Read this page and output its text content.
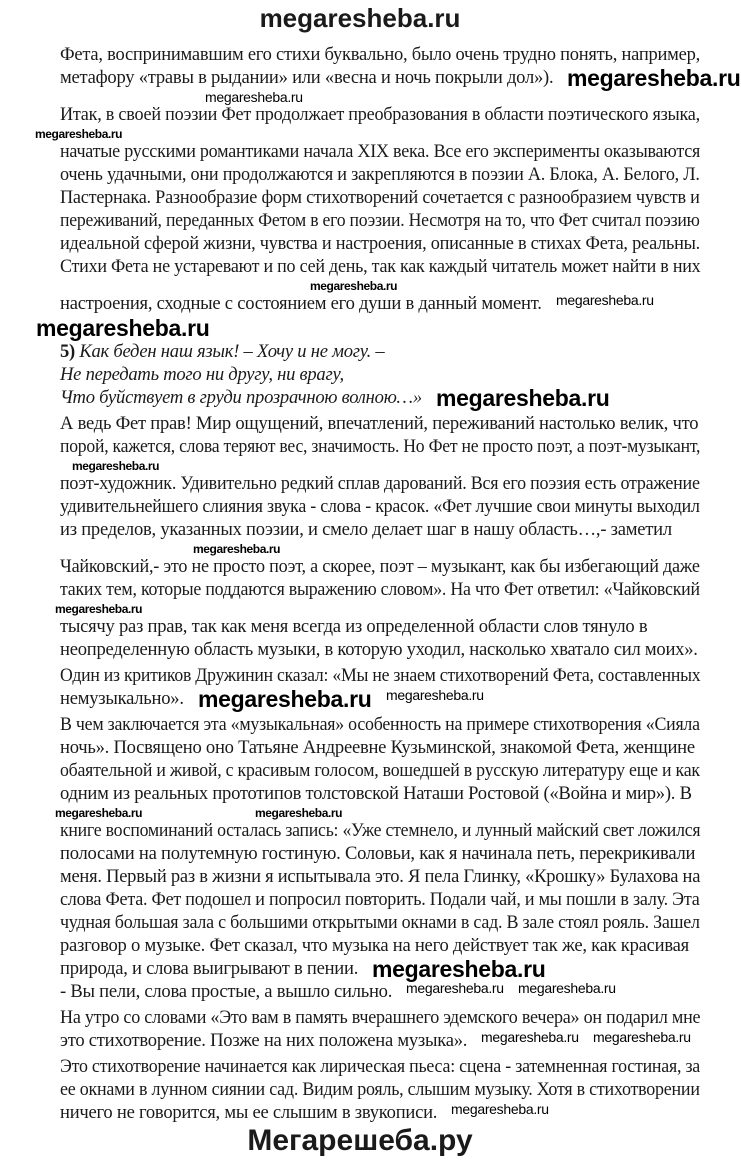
megaresheba.ru
Фета, воспринимавшим его стихи буквально, было очень трудно понять, например,
метафору «травы в рыдании» или «весна и ночь покрыли дол»).
Итак, в своей поэзии Фет продолжает преобразования в области поэтического языка,
начатые русскими романтиками начала XIX века. Все его эксперименты оказываются
очень удачными, они продолжаются и закрепляются в поэзии А. Блока, А. Белого, Л.
Пастернака. Разнообразие форм стихотворений сочетается с разнообразием чувств и
переживаний, переданных Фетом в его поэзии. Несмотря на то, что Фет считал поэзию
идеальной сферой жизни, чувства и настроения, описанные в стихах Фета, реальны.
Стихи Фета не устаревают и по сей день, так как каждый читатель может найти в них
настроения, сходные с состоянием его души в данный момент.
5) Как беден наш язык! – Хочу и не могу. –
Не передать того ни другу, ни врагу,
Что буйствует в груди прозрачною волною…»
А ведь Фет прав! Мир ощущений, впечатлений, переживаний настолько велик, что
порой, кажется, слова теряют вес, значимость. Но Фет не просто поэт, а поэт-музыкант,
поэт-художник. Удивительно редкий сплав дарований. Вся его поэзия есть отражение
удивительнейшего слияния звука - слова - красок. «Фет лучшие свои минуты выходил
из пределов, указанных поэзии, и смело делает шаг в нашу область…,- заметил
Чайковский,- это не просто поэт, а скорее, поэт – музыкант, как бы избегающий даже
таких тем, которые поддаются выражению словом». На что Фет ответил: «Чайковский
тысячу раз прав, так как меня всегда из определенной области слов тянуло в
неопределенную область музыки, в которую уходил, насколько хватало сил моих».
Один из критиков Дружинин сказал: «Мы не знаем стихотворений Фета, составленных
немузыкально».
В чем заключается эта «музыкальная» особенность на примере стихотворения «Сияла
ночь». Посвящено оно Татьяне Андреевне Кузьминской, знакомой Фета, женщине
обаятельной и живой, с красивым голосом, вошедшей в русскую литературу еще и как
одним из реальных прототипов толстовской Наташи Ростовой («Война и мир»). В
книге воспоминаний осталась запись: «Уже стемнело, и лунный майский свет ложился
полосами на полутемную гостиную. Соловьи, как я начинала петь, перекрикивали
меня. Первый раз в жизни я испытывала это. Я пела Глинку, «Крошку» Булахова на
слова Фета. Фет подошел и попросил повторить. Подали чай, и мы пошли в залу. Эта
чудная большая зала с большими открытыми окнами в сад. В зале стоял рояль. Зашел
разговор о музыке. Фет сказал, что музыка на него действует так же, как красивая
природа, и слова выигрывают в пении.
- Вы пели, слова простые, а вышло сильно.
На утро со словами «Это вам в память вчерашнего эдемского вечера» он подарил мне
это стихотворение. Позже на них положена музыка».
Это стихотворение начинается как лирическая пьеса: сцена - затемненная гостиная, за
ее окнами в лунном сиянии сад. Видим рояль, слышим музыку. Хотя в стихотворении
ничего не говорится, мы ее слышим в звукописи.
megaresheba.ru
megaresheba.ru
megaresheba.ru
megaresheba.ru
megaresheba.ru
megaresheba.ru
megaresheba.ru
megaresheba.ru
megaresheba.ru
megaresheba.ru
megaresheba.ru megaresheba.ru
megaresheba.ru	megaresheba.ru
megaresheba.ru
megaresheba.ru megaresheba.ru
megaresheba.ru megaresheba.ru
megaresheba.ru
Мегарешеба.ру
